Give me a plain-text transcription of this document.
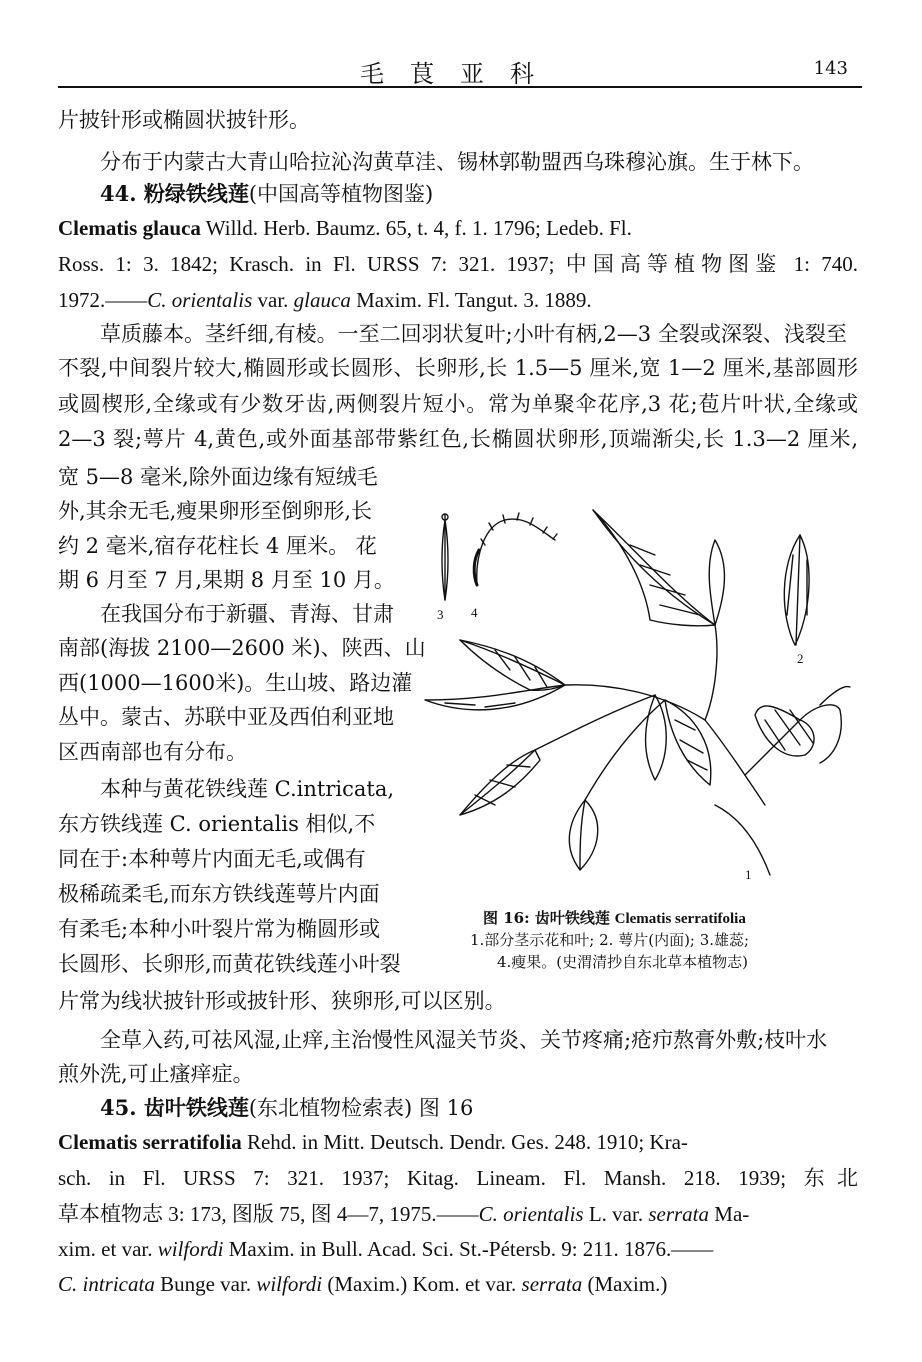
毛茛亚科	143
片披针形或椭圆状披针形。
分布于内蒙古大青山哈拉沁沟黄草洼、锡林郭勒盟西乌珠穆沁旗。生于林下。
44. 粉绿铁线莲(中国高等植物图鉴)
Clematis glauca Willd. Herb. Baumz. 65, t. 4, f. 1. 1796; Ledeb. Fl.
Ross. 1: 3. 1842; Krasch. in Fl. URSS 7: 321. 1937; 中国高等植物图鉴 1: 740.
1972.——C. orientalis var. glauca Maxim. Fl. Tangut. 3. 1889.
草质藤本。茎纤细,有棱。一至二回羽状复叶;小叶有柄,2—3 全裂或深裂、浅裂至
不裂,中间裂片较大,椭圆形或长圆形、长卵形,长 1.5—5 厘米,宽 1—2 厘米,基部圆形
或圆楔形,全缘或有少数牙齿,两侧裂片短小。常为单聚伞花序,3 花;苞片叶状,全缘或
2—3 裂;萼片 4,黄色,或外面基部带紫红色,长椭圆状卵形,顶端渐尖,长 1.3—2 厘米,
宽 5—8 毫米,除外面边缘有短绒毛
外,其余无毛,瘦果卵形至倒卵形,长
约 2 毫米,宿存花柱长 4 厘米。 花
期 6 月至 7 月,果期 8 月至 10 月。
在我国分布于新疆、青海、甘肃
南部(海拔 2100—2600 米)、陕西、山
西(1000—1600米)。生山坡、路边灌
丛中。蒙古、苏联中亚及西伯利亚地
区西南部也有分布。
本种与黄花铁线莲 C.intricata,
东方铁线莲 C. orientalis 相似,不
同在于:本种萼片内面无毛,或偶有
极稀疏柔毛,而东方铁线莲萼片内面
有柔毛;本种小叶裂片常为椭圆形或
长圆形、长卵形,而黄花铁线莲小叶裂
片常为线状披针形或披针形、狭卵形,可以区别。
全草入药,可祛风湿,止痒,主治慢性风湿关节炎、关节疼痛;疮疖熬膏外敷;枝叶水
煎外洗,可止瘙痒症。
45. 齿叶铁线莲(东北植物检索表) 图 16
Clematis serratifolia Rehd. in Mitt. Deutsch. Dendr. Ges. 248. 1910; Kra-
sch. in Fl. URSS 7: 321. 1937; Kitag. Lineam. Fl. Mansh. 218. 1939; 东北
草本植物志 3: 173, 图版 75, 图 4—7, 1975.——C. orientalis L. var. serrata Ma-
xim. et var. wilfordi Maxim. in Bull. Acad. Sci. St.-Pétersb. 9: 211. 1876.——
C. intricata Bunge var. wilfordi (Maxim.) Kom. et var. serrata (Maxim.)
3 4
2
1
图 16: 齿叶铁线莲 Clematis serratifolia
1.部分茎示花和叶; 2. 萼片(内面); 3.雄蕊;
4.瘦果。(史渭清抄自东北草本植物志)
